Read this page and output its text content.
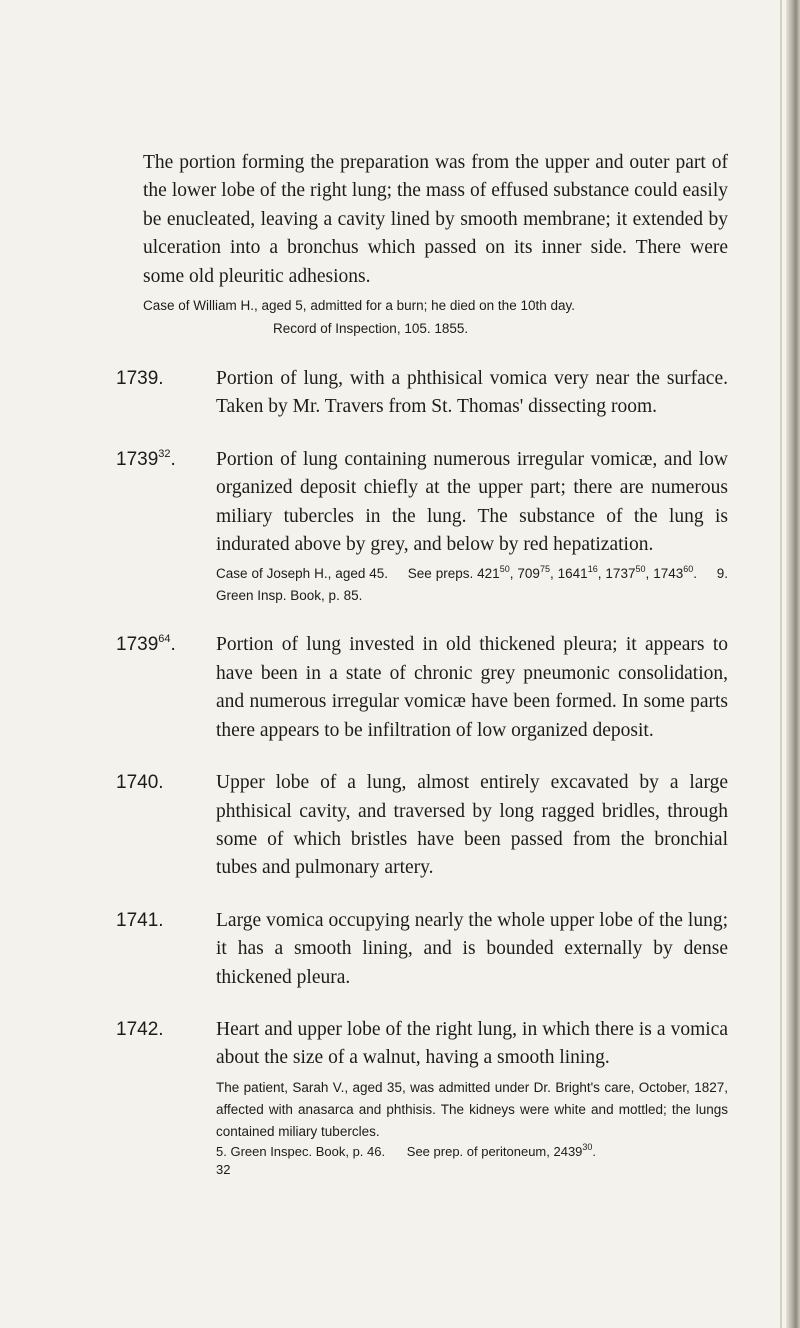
The portion forming the preparation was from the upper and outer part of the lower lobe of the right lung; the mass of effused substance could easily be enucleated, leaving a cavity lined by smooth membrane; it extended by ulceration into a bronchus which passed on its inner side. There were some old pleuritic adhesions.

Case of William H., aged 5, admitted for a burn; he died on the 10th day.

Record of Inspection, 105. 1855.

1739.	Portion of lung, with a phthisical vomica very near the surface. Taken by Mr. Travers from St. Thomas' dissecting room.

1739$^{32}$. Portion of lung containing numerous irregular vomicæ, and low organized deposit chiefly at the upper part; there are numerous miliary tubercles in the lung. The substance of the lung is indurated above by grey, and below by red hepatization.

Case of Joseph H., aged 45. See preps. $421^{50}$, $709^{75}$, 1641$^{16}$, 1737$^{50}$, 1743$^{60}$.     9. Green Insp. Book, p. 85.

1739$^{64}$. Portion of lung invested in old thickened pleura; it appears to have been in a state of chronic grey pneumonic consolidation, and numerous irregular vomicæ have been formed. In some parts there appears to be infiltration of low organized deposit.

1740.	Upper lobe of a lung, almost entirely excavated by a large phthisical cavity, and traversed by long ragged bridles, through some of which bristles have been passed from the bronchial tubes and pulmonary artery.

1741.	Large vomica occupying nearly the whole upper lobe of the lung; it has a smooth lining, and is bounded externally by dense thickened pleura.

1742.	Heart and upper lobe of the right lung, in which there is a vomica about the size of a walnut, having a smooth lining.

The patient, Sarah V., aged 35, was admitted under Dr. Bright's care, October, 1827, affected with anasarca and phthisis. The kidneys were white and mottled; the lungs contained miliary tubercles.

5. Green Inspec. Book, p. 46. See prep. of peritoneum, 2439$^{30}$.

32
